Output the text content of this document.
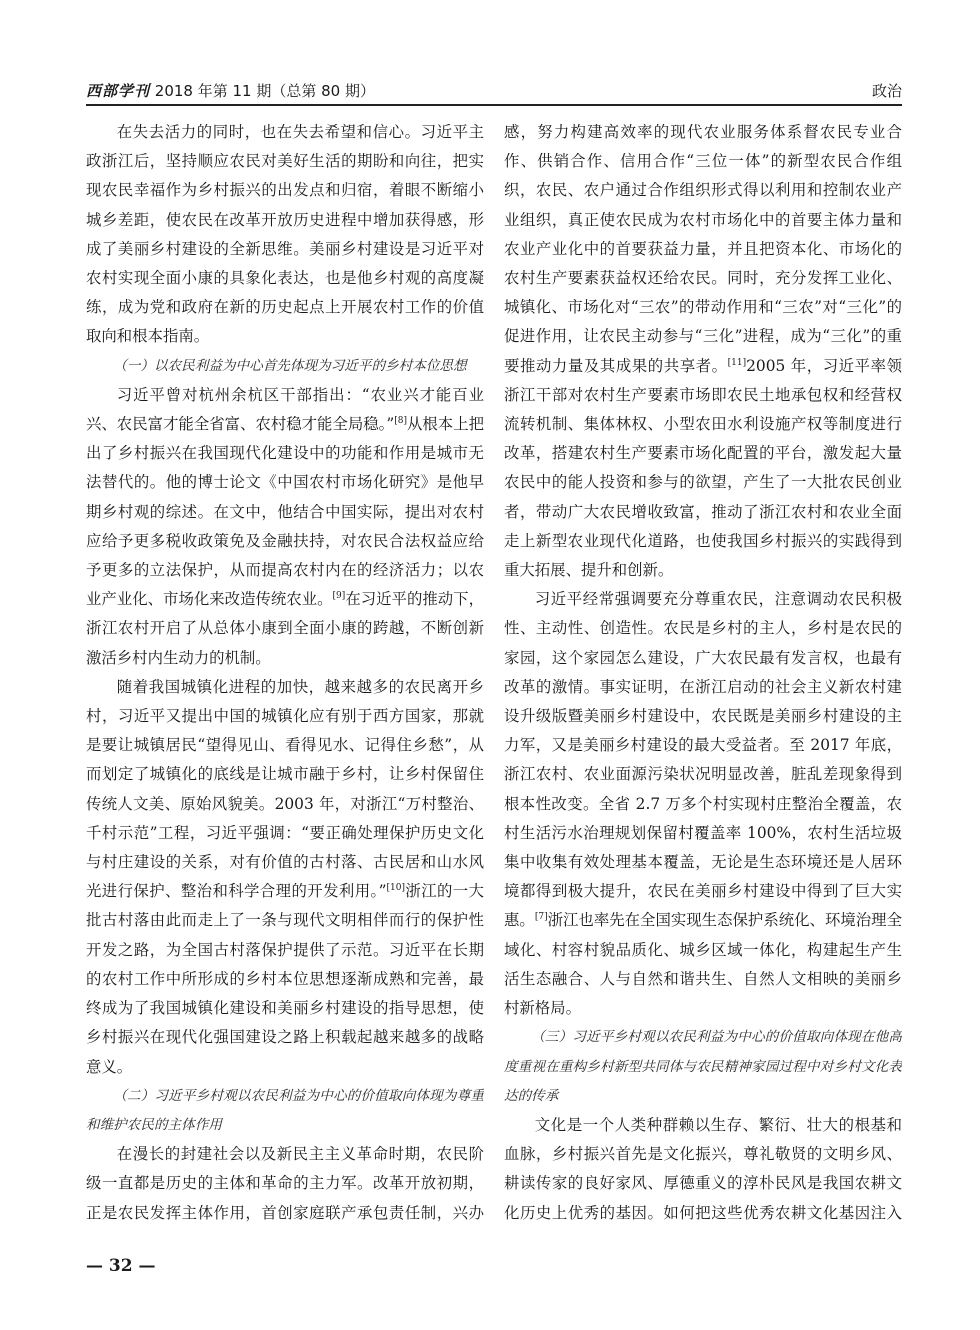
西部学刊 2018 年第 11 期（总第 80 期）	政治

在失去活力的同时，也在失去希望和信心。习近平主政浙江后，坚持顺应农民对美好生活的期盼和向往，把实现农民幸福作为乡村振兴的出发点和归宿，着眼不断缩小城乡差距，使农民在改革开放历史进程中增加获得感，形成了美丽乡村建设的全新思维。美丽乡村建设是习近平对农村实现全面小康的具象化表达，也是他乡村观的高度凝练，成为党和政府在新的历史起点上开展农村工作的价值取向和根本指南。

（一）以农民利益为中心首先体现为习近平的乡村本位思想

习近平曾对杭州余杭区干部指出：“农业兴才能百业兴、农民富才能全省富、农村稳才能全局稳。”[8]从根本上把出了乡村振兴在我国现代化建设中的功能和作用是城市无法替代的。他的博士论文《中国农村市场化研究》是他早期乡村观的综述。在文中，他结合中国实际，提出对农村应给予更多税收政策免及金融扶持，对农民合法权益应给予更多的立法保护，从而提高农村内在的经济活力；以农业产业化、市场化来改造传统农业。[9]在习近平的推动下，浙江农村开启了从总体小康到全面小康的跨越，不断创新激活乡村内生动力的机制。

随着我国城镇化进程的加快，越来越多的农民离开乡村，习近平又提出中国的城镇化应有别于西方国家，那就是要让城镇居民“望得见山、看得见水、记得住乡愁”，从而划定了城镇化的底线是让城市融于乡村，让乡村保留住传统人文美、原始风貌美。2003 年，对浙江“万村整治、千村示范”工程，习近平强调：“要正确处理保护历史文化与村庄建设的关系，对有价值的古村落、古民居和山水风光进行保护、整治和科学合理的开发利用。”[10]浙江的一大批古村落由此而走上了一条与现代文明相伴而行的保护性开发之路，为全国古村落保护提供了示范。习近平在长期的农村工作中所形成的乡村本位思想逐渐成熟和完善，最终成为了我国城镇化建设和美丽乡村建设的指导思想，使乡村振兴在现代化强国建设之路上积载起越来越多的战略意义。

（二）习近平乡村观以农民利益为中心的价值取向体现为尊重和维护农民的主体作用

在漫长的封建社会以及新民主主义革命时期，农民阶级一直都是历史的主体和革命的主力军。改革开放初期，正是农民发挥主体作用，首创家庭联产承包责任制，兴办

感，努力构建高效率的现代农业服务体系督农民专业合作、供销合作、信用合作“三位一体”的新型农民合作组织，农民、农户通过合作组织形式得以利用和控制农业产业组织，真正使农民成为农村市场化中的首要主体力量和农业产业化中的首要获益力量，并且把资本化、市场化的农村生产要素获益权还给农民。同时，充分发挥工业化、城镇化、市场化对“三农”的带动作用和“三农”对“三化”的促进作用，让农民主动参与“三化”进程，成为“三化”的重要推动力量及其成果的共享者。[11]2005 年，习近平率领浙江干部对农村生产要素市场即农民土地承包权和经营权流转机制、集体林权、小型农田水利设施产权等制度进行改革，搭建农村生产要素市场化配置的平台，激发起大量农民中的能人投资和参与的欲望，产生了一大批农民创业者，带动广大农民增收致富，推动了浙江农村和农业全面走上新型农业现代化道路，也使我国乡村振兴的实践得到重大拓展、提升和创新。

习近平经常强调要充分尊重农民，注意调动农民积极性、主动性、创造性。农民是乡村的主人，乡村是农民的家园，这个家园怎么建设，广大农民最有发言权，也最有改革的激情。事实证明，在浙江启动的社会主义新农村建设升级版暨美丽乡村建设中，农民既是美丽乡村建设的主力军，又是美丽乡村建设的最大受益者。至 2017 年底，浙江农村、农业面源污染状况明显改善，脏乱差现象得到根本性改变。全省 2.7 万多个村实现村庄整治全覆盖，农村生活污水治理规划保留村覆盖率 100%，农村生活垃圾集中收集有效处理基本覆盖，无论是生态环境还是人居环境都得到极大提升，农民在美丽乡村建设中得到了巨大实惠。[7]浙江也率先在全国实现生态保护系统化、环境治理全域化、村容村貌品质化、城乡区域一体化，构建起生产生活生态融合、人与自然和谐共生、自然人文相映的美丽乡村新格局。

（三）习近平乡村观以农民利益为中心的价值取向体现在他高度重视在重构乡村新型共同体与农民精神家园过程中对乡村文化表达的传承

文化是一个人类种群赖以生存、繁衍、壮大的根基和血脉，乡村振兴首先是文化振兴，尊礼敬贤的文明乡风、耕读传家的良好家风、厚德重义的淳朴民风是我国农耕文化历史上优秀的基因。如何把这些优秀农耕文化基因注入

— 32 —
